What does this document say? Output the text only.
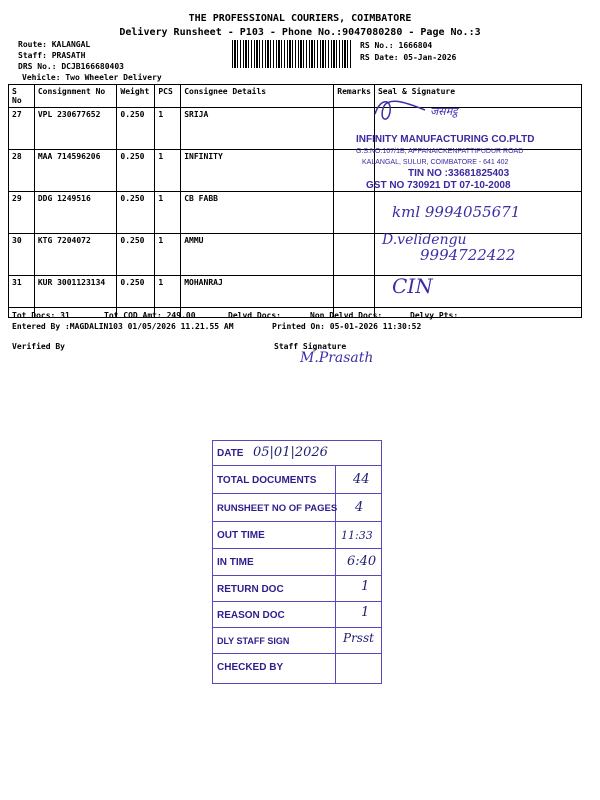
THE PROFESSIONAL COURIERS, COIMBATORE
Delivery Runsheet - P103 - Phone No.:9047080280 - Page No.:3
Route: KALANGAL
Staff: PRASATH
DRS No.: DCJB166680403
Vehicle: Two Wheeler Delivery
RS No.: 1666804
RS Date: 05-Jan-2026
S No	Consignment No	Weight	PCS	Consignee Details	Remarks	Seal & Signature
27	VPL 230677652	0.250	1	SRIJA		
28	MAA 714596206	0.250	1	INFINITY		
29	DDG 1249516	0.250	1	CB FABB		
30	KTG 7204072	0.250	1	AMMU		
31	KUR 3001123134	0.250	1	MOHANRAJ		
जसमट्ठ
INFINITY MANUFACTURING CO.PLTD
G.S.NO:107/1B, APPANAICKENPATTIPUDUR ROAD
KALANGAL, SULUR, COIMBATORE - 641 402
TIN NO :33681825403
GST NO 730921 DT 07-10-2008
kml 9994055671
D.velidengu
9994722422
CIN
Tot Docs: 31	Tot COD Amt: 249.00	Delvd Docs:	Non Delvd Docs:	Delvy Pts:
Entered By :MAGDALIN103 01/05/2026 11.21.55 AM	Printed On: 05-01-2026 11:30:52
Verified By	Staff Signature
M.Prasath
DATE 05|01|2026
TOTAL DOCUMENTS	44
RUNSHEET NO OF PAGES 4
OUT TIME	11:33
IN TIME	6:40
RETURN DOC	1
REASON DOC	1
DLY STAFF SIGN	Prsst
CHECKED BY
